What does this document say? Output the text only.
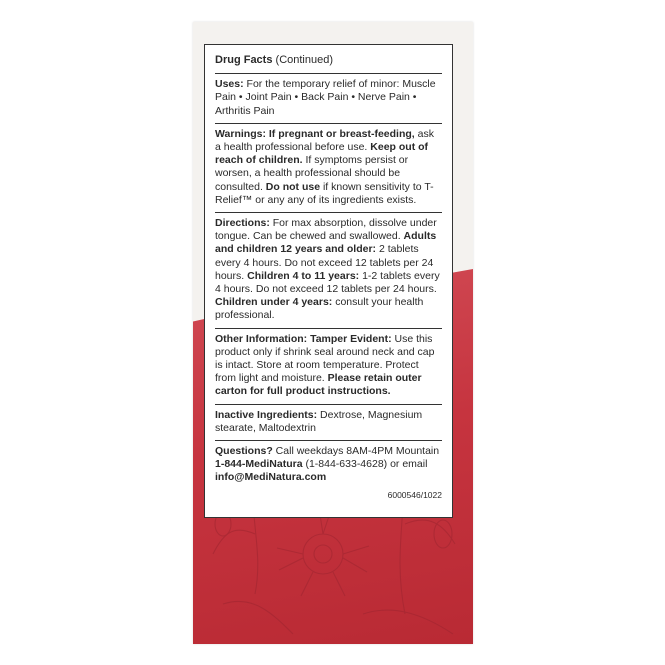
Drug Facts (Continued)
Uses: For the temporary relief of minor: Muscle Pain • Joint Pain • Back Pain • Nerve Pain • Arthritis Pain
Warnings: If pregnant or breast-feeding, ask a health professional before use. Keep out of reach of children. If symptoms persist or worsen, a health professional should be consulted. Do not use if known sensitivity to T-Relief™ or any any of its ingredients exists.
Directions: For max absorption, dissolve under tongue. Can be chewed and swallowed. Adults and children 12 years and older: 2 tablets every 4 hours. Do not exceed 12 tablets per 24 hours. Children 4 to 11 years: 1-2 tablets every 4 hours. Do not exceed 12 tablets per 24 hours. Children under 4 years: consult your health professional.
Other Information: Tamper Evident: Use this product only if shrink seal around neck and cap is intact. Store at room temperature. Protect from light and moisture. Please retain outer carton for full product instructions.
Inactive Ingredients: Dextrose, Magnesium stearate, Maltodextrin
Questions? Call weekdays 8AM-4PM Mountain 1-844-MediNatura (1-844-633-4628) or email info@MediNatura.com
6000546/1022
